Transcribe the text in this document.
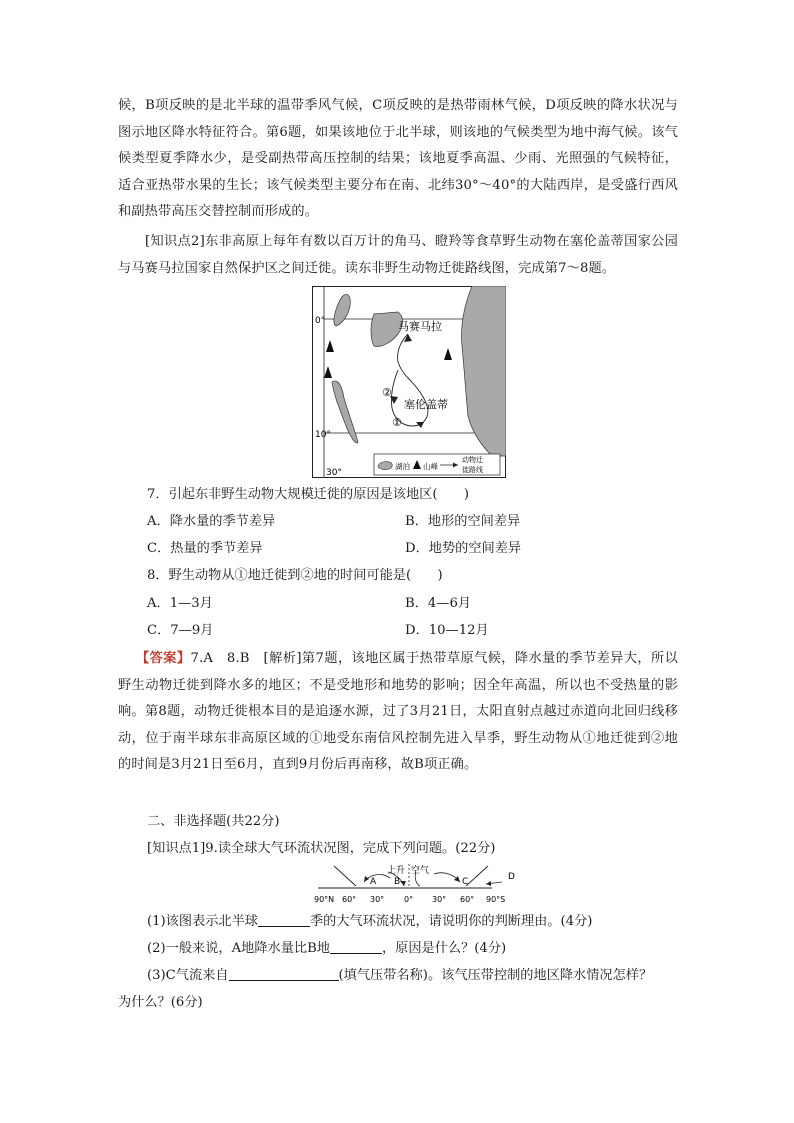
候，B项反映的是北半球的温带季风气候，C项反映的是热带雨林气候，D项反映的降水状况与图示地区降水特征符合。第6题，如果该地位于北半球，则该地的气候类型为地中海气候。该气候类型夏季降水少，是受副热带高压控制的结果；该地夏季高温、少雨、光照强的气候特征，适合亚热带水果的生长；该气候类型主要分布在南、北纬30°～40°的大陆西岸，是受盛行西风和副热带高压交替控制而形成的。

[知识点2]东非高原上每年有数以百万计的角马、瞪羚等食草野生动物在塞伦盖蒂国家公园与马赛马拉国家自然保护区之间迁徙。读东非野生动物迁徙路线图，完成第7～8题。

0°
10°
30°
马赛马拉
塞伦盖蒂
②
①
湖泊 山峰
动物迁
徙路线

7．引起东非野生动物大规模迁徙的原因是该地区(　　)

A．降水量的季节差异	B．地形的空间差异

C．热量的季节差异	D．地势的空间差异

8．野生动物从①地迁徙到②地的时间可能是(　　)

A．1—3月	B．4—6月

C．7—9月	D．10—12月

【答案】7.A　8.B　[解析]第7题，该地区属于热带草原气候，降水量的季节差异大，所以野生动物迁徙到降水多的地区；不是受地形和地势的影响；因全年高温，所以也不受热量的影响。第8题，动物迁徙根本目的是追逐水源，过了3月21日，太阳直射点越过赤道向北回归线移动，位于南半球东非高原区域的①地受东南信风控制先进入旱季，野生动物从①地迁徙到②地的时间是3月21日至6月，直到9月份后再南移，故B项正确。

二、非选择题(共22分)

[知识点1]9.读全球大气环流状况图，完成下列问题。(22分)

上升 空气
A B	C	D
90°N 60° 30° 0° 30° 60° 90°S

(1)该图表示北半球	季的大气环流状况，请说明你的判断理由。(4分)

(2)一般来说，A地降水量比B地	，原因是什么？(4分)

(3)C气流来自	(填气压带名称)。该气压带控制的地区降水情况怎样？

为什么？(6分)
